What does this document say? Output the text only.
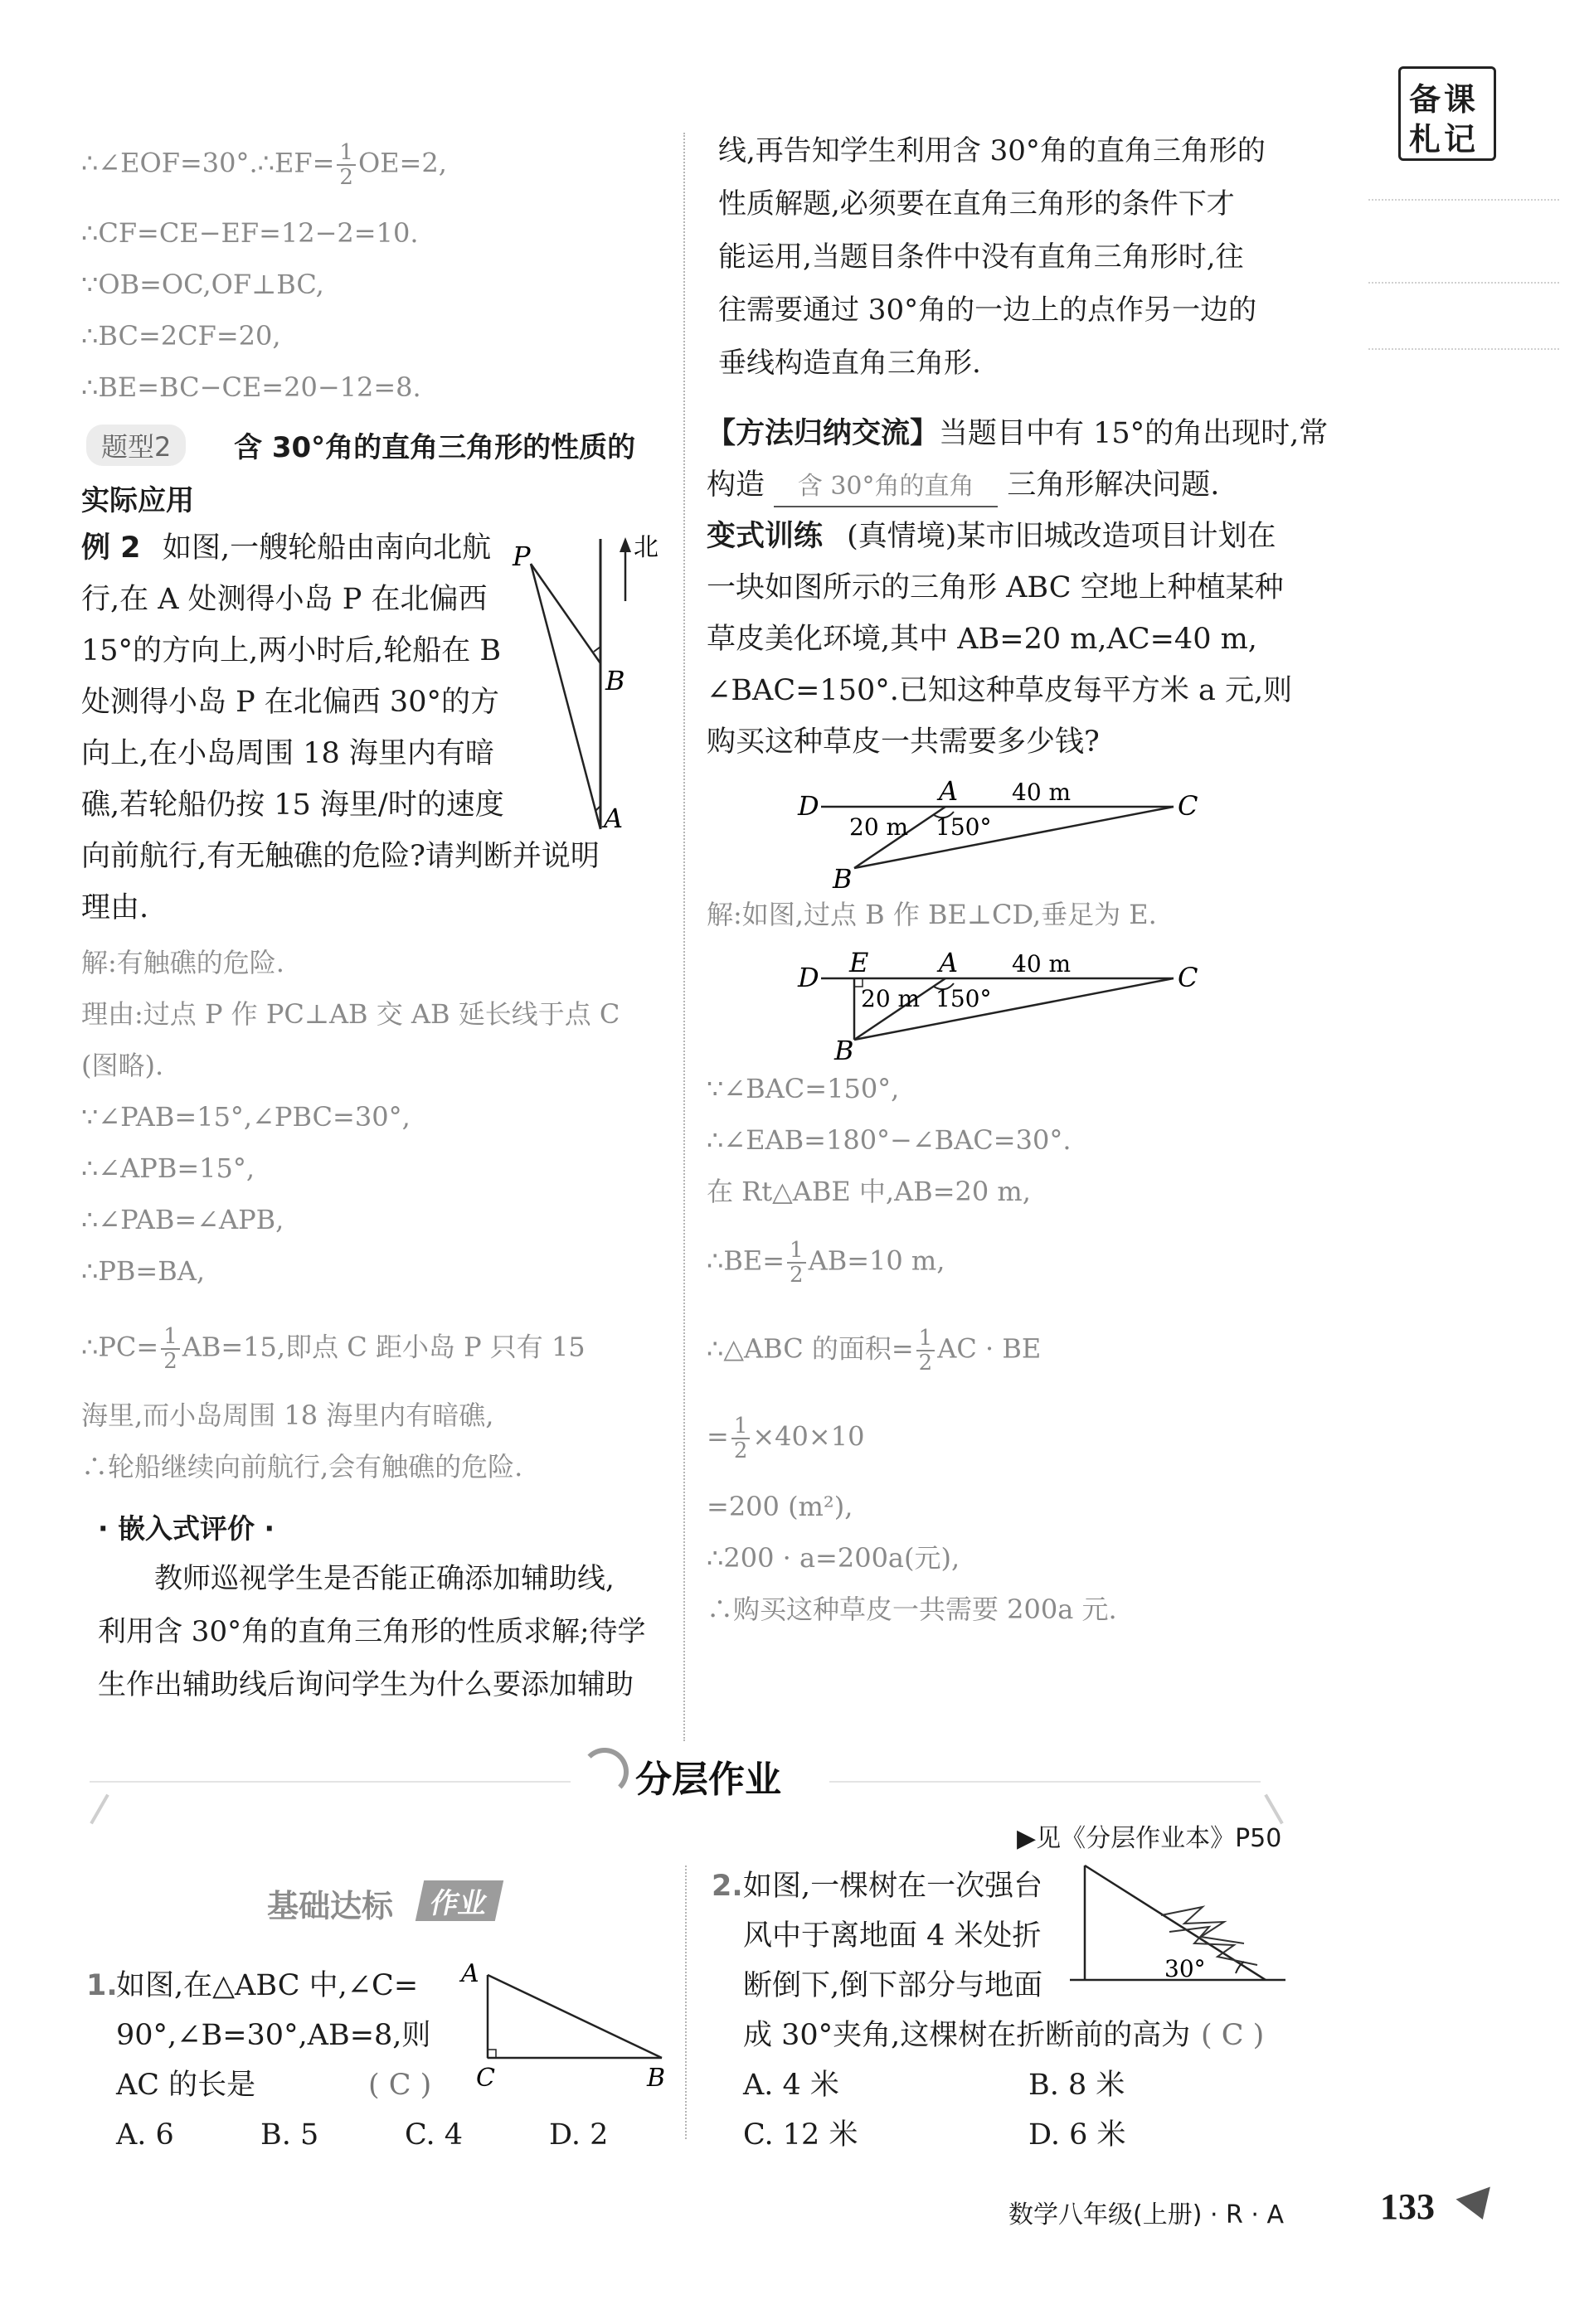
备课
札记
∴∠EOF=30°.∴EF= $\frac{1}{2} OE=2$,
∴CF=CE−EF=12−2=10.
∵OB=OC,OF⊥BC,
∴BC=2CF=20,
∴BE=BC−CE=20−12=8.
题型2	含 30°角的直角三角形的性质的
实际应用
例 2 如图,一艘轮船由南向北航
行,在 A 处测得小岛 P 在北偏西
15°的方向上,两小时后,轮船在 B
处测得小岛 P 在北偏西 30°的方
向上,在小岛周围 18 海里内有暗
礁,若轮船仍按 15 海里/时的速度
向前航行,有无触礁的危险?请判断并说明
理由.
P
B
A
北
解:有触礁的危险.
理由:过点 P 作 PC⊥AB 交 AB 延长线于点 C
(图略).
∵∠PAB=15°,∠PBC=30°,
∴∠APB=15°,
∴∠PAB=∠APB,
∴PB=BA,
∴PC= $\frac{1}{2} AB=15$,即点 C 距小岛 P 只有 15
海里,而小岛周围 18 海里内有暗礁,
∴轮船继续向前航行,会有触礁的危险.
· 嵌入式评价 ·
教师巡视学生是否能正确添加辅助线,
利用含 30°角的直角三角形的性质求解;待学
生作出辅助线后询问学生为什么要添加辅助
线,再告知学生利用含 30°角的直角三角形的
性质解题,必须要在直角三角形的条件下才
能运用,当题目条件中没有直角三角形时,往
往需要通过 30°角的一边上的点作另一边的
垂线构造直角三角形.
【方法归纳交流】当题目中有 15°的角出现时,常
构造 含 30°角的直角 三角形解决问题.
变式训练 (真情境)某市旧城改造项目计划在
一块如图所示的三角形 ABC 空地上种植某种
草皮美化环境,其中 AB=20 m,AC=40 m,
∠BAC=150°.已知这种草皮每平方米 a 元,则
购买这种草皮一共需要多少钱?
D	A	C
B
20 m
40 m
150°
解:如图,过点 B 作 BE⊥CD,垂足为 E.
D E	A	C
B
20 m
40 m
150°
∵∠BAC=150°,
∴∠EAB=180°−∠BAC=30°.
在 Rt△ABE 中,AB=20 m,
∴BE= $\frac{1}{2} AB=10$ m,
∴△ABC 的面积= $\frac{1}{2}$ AC · BE
= $\frac{1}{2} \times 40\times 10$
=200 (m²),
∴200 · a=200a(元),
∴购买这种草皮一共需要 200a 元.
分层作业
▶见《分层作业本》P50
基础达标	作业
1.
如图,在△ABC 中,∠C=
90°,∠B=30°,AB=8,则
AC 的长是	( C )
A. 6	B. 5	C. 4	D. 2
A
C	B
2. 如图,一棵树在一次强台
风中于离地面 4 米处折
断倒下,倒下部分与地面
成 30°夹角,这棵树在折断前的高为 ( C )
A. 4 米	B. 8 米
C. 12 米	D. 6 米
30°
数学八年级(上册) · R · A	133
